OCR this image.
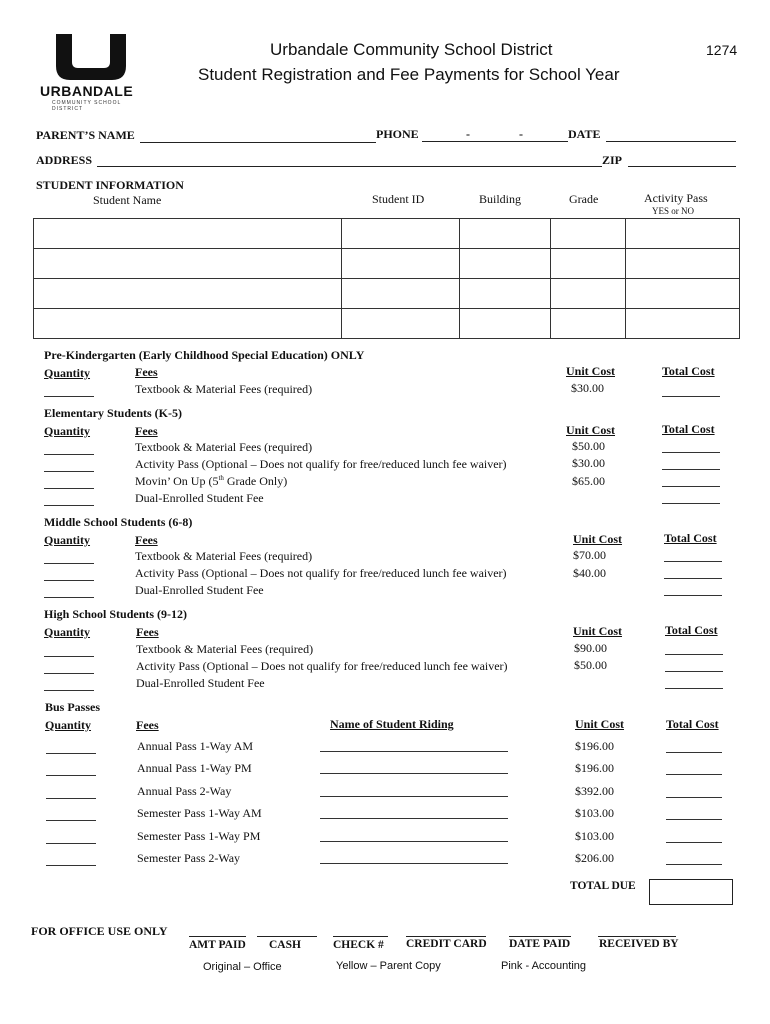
URBANDALE
COMMUNITY SCHOOL DISTRICT
Urbandale Community School District
Student Registration and Fee Payments for School Year
1274
PARENT’S NAME	PHONE	-	-	DATE
ADDRESS	ZIP
STUDENT INFORMATION
Student Name	Student ID	Building	Grade	Activity Pass
YES or NO

Pre-Kindergarten (Early Childhood Special Education) ONLY
Quantity	Fees	Unit Cost	Total Cost
Textbook & Material Fees (required)	$30.00
Elementary Students (K-5)
Quantity	Fees	Unit Cost	Total Cost
Textbook & Material Fees (required)	$50.00
Activity Pass (Optional – Does not qualify for free/reduced lunch fee waiver)	$30.00
Movin’ On Up (5th Grade Only)	$65.00
Dual-Enrolled Student Fee
Middle School Students (6-8)
Quantity	Fees	Unit Cost	Total Cost
Textbook & Material Fees (required)	$70.00
Activity Pass (Optional – Does not qualify for free/reduced lunch fee waiver)	$40.00
Dual-Enrolled Student Fee
High School Students (9-12)
Quantity	Fees	Unit Cost	Total Cost
Textbook & Material Fees (required)	$90.00
Activity Pass (Optional – Does not qualify for free/reduced lunch fee waiver)	$50.00
Dual-Enrolled Student Fee
Bus Passes
Quantity	Fees	Name of Student Riding	Unit Cost	Total Cost
Annual Pass 1-Way AM	$196.00
Annual Pass 1-Way PM	$196.00
Annual Pass 2-Way	$392.00
Semester Pass 1-Way AM	$103.00
Semester Pass 1-Way PM	$103.00
Semester Pass 2-Way	$206.00
TOTAL DUE
FOR OFFICE USE ONLY
AMT PAID CASH	CHECK # CREDIT CARD DATE PAID	RECEIVED BY
Original – Office	Yellow – Parent Copy	Pink - Accounting
